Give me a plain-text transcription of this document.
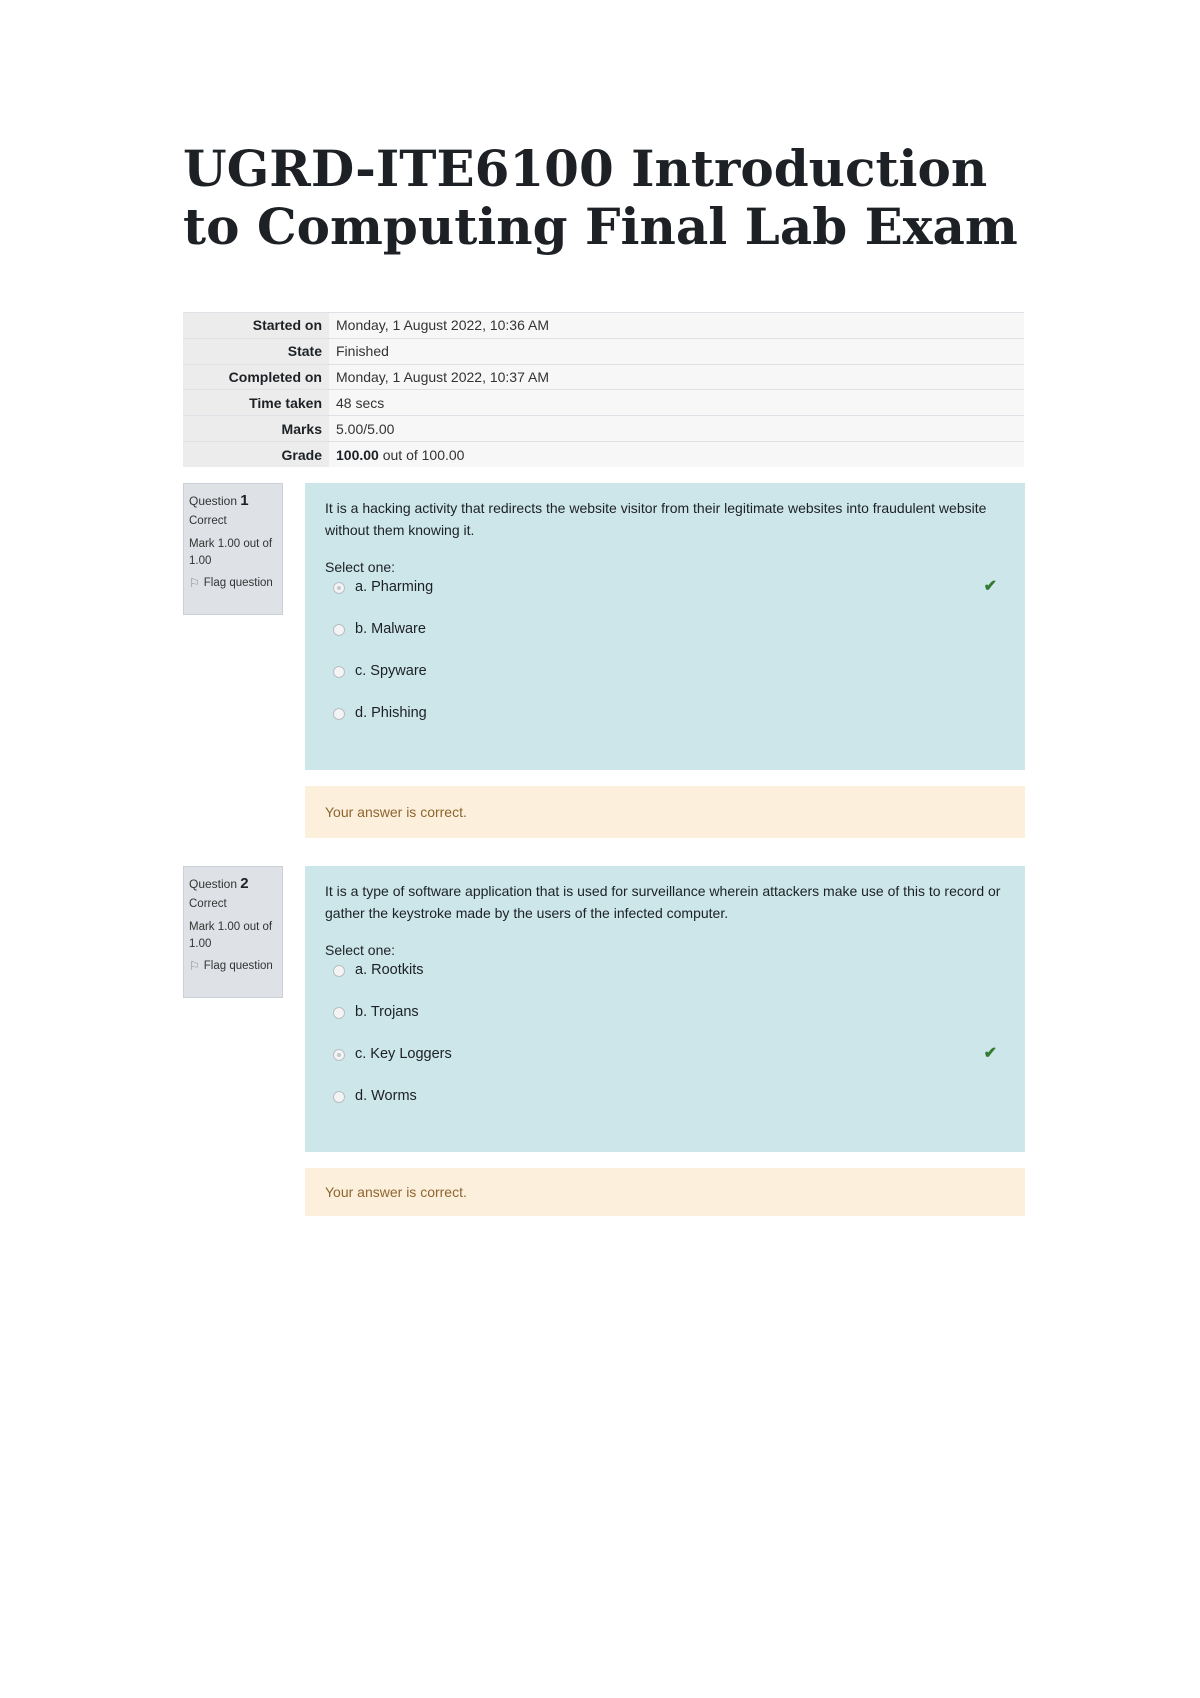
UGRD-ITE6100 Introduction to Computing Final Lab Exam
Started on	Monday, 1 August 2022, 10:36 AM
State	Finished
Completed on	Monday, 1 August 2022, 10:37 AM
Time taken	48 secs
Marks	5.00/5.00
Grade	100.00 out of 100.00
Question 1
Correct
Mark 1.00 out of 1.00
⚐ Flag question
It is a hacking activity that redirects the website visitor from their legitimate websites into fraudulent website without them knowing it.
Select one:
a. Pharming	✔
b. Malware
c. Spyware
d. Phishing
Your answer is correct.
Question 2
Correct
Mark 1.00 out of 1.00
⚐ Flag question
It is a type of software application that is used for surveillance wherein attackers make use of this to record or gather the keystroke made by the users of the infected computer.
Select one:
a. Rootkits
b. Trojans
c. Key Loggers	✔
d. Worms
Your answer is correct.
